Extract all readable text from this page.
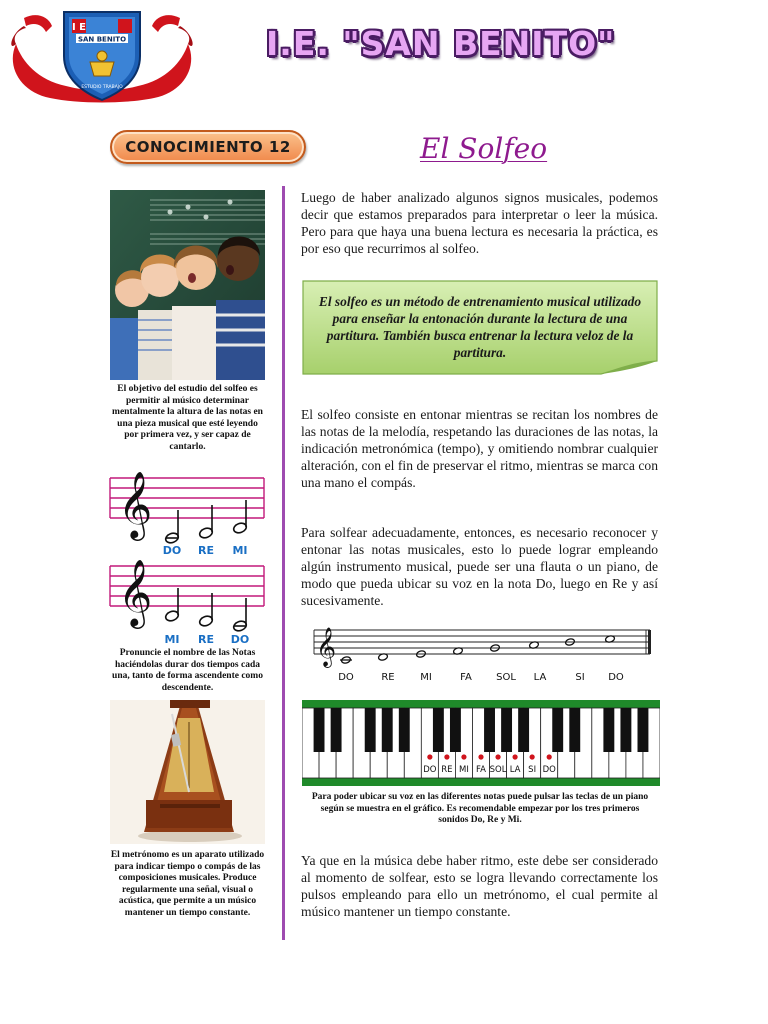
I E
SAN BENITO
ESTUDIO TRABAJO
I.E. "SAN BENITO"
CONOCIMIENTO 12	El Solfeo
El objetivo del estudio del solfeo es permitir al músico determinar mentalmente la altura de las notas en una pieza musical que esté leyendo por primera vez, y ser capaz de cantarlo.
𝄞
DO RE MI
𝄞
MI RE DO
Pronuncie el nombre de las Notas haciéndolas durar dos tiempos cada una, tanto de forma ascendente como descendente.
El metrónomo es un aparato utilizado para indicar tiempo o compás de las composiciones musicales. Produce regularmente una señal, visual o acústica, que permite a un músico mantener un tiempo constante.
Luego de haber analizado algunos signos musicales, podemos decir que estamos preparados para interpretar o leer la música. Pero para que haya una buena lectura es necesaria la práctica, es por eso que recurrimos al solfeo.
El solfeo es un método de entrenamiento musical utilizado para enseñar la entonación durante la lectura de una partitura. También busca entrenar la lectura veloz de la partitura.
El solfeo consiste en entonar mientras se recitan los nombres de las notas de la melodía, respetando las duraciones de las notas, la indicación metronómica (tempo), y omitiendo nombrar cualquier alteración, con el fin de preservar el ritmo, mientras se marca con una mano el compás.
Para solfear adecuadamente, entonces, es necesario reconocer y entonar las notas musicales, esto lo puede lograr empleando algún instrumento musical, puede ser una flauta o un piano, de modo que pueda ubicar su voz en la nota Do, luego en Re y así sucesivamente.
𝄞
DO	RE	MI	FA SOL LA	SI DO
DO RE MI FA SOL LA SI DO
Para poder ubicar su voz en las diferentes notas puede pulsar las teclas de un piano según se muestra en el gráfico. Es recomendable empezar por los tres primeros sonidos Do, Re y Mi.
Ya que en la música debe haber ritmo, este debe ser considerado al momento de solfear, esto se logra llevando correctamente los pulsos empleando para ello un metrónomo, el cual permite al músico mantener un tiempo constante.
